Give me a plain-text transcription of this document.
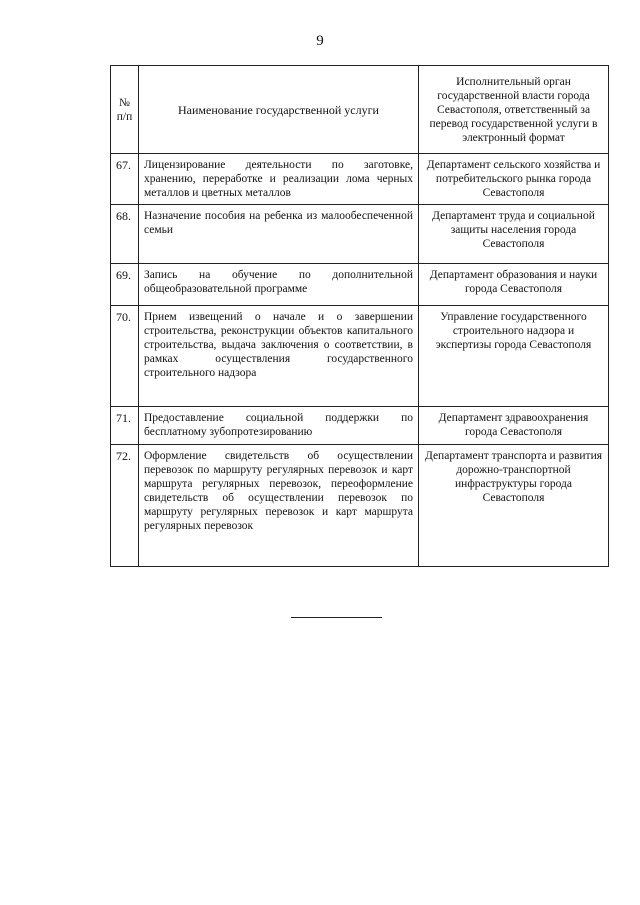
9
№ п/п	Наименование государственной услуги	Исполнительный орган государственной власти города Севастополя, ответственный за перевод государственной услуги в электронный формат
67.	Лицензирование деятельности по заготовке, хранению, переработке и реализации лома черных металлов и цветных металлов	Департамент сельского хозяйства и потребительского рынка города Севастополя
68.	Назначение пособия на ребенка из малообеспеченной семьи	Департамент труда и социальной защиты населения города Севастополя
69.	Запись на обучение по дополнительной общеобразовательной программе	Департамент образования и науки города Севастополя
70.	Прием извещений о начале и о завершении строительства, реконструкции объектов капитального строительства, выдача заключения о соответствии, в рамках осуществления государственного строительного надзора	Управление государственного строительного надзора и экспертизы города Севастополя
71.	Предоставление социальной поддержки по бесплатному зубопротезированию	Департамент здравоохранения города Севастополя
72.	Оформление свидетельств об осуществлении перевозок по маршруту регулярных перевозок и карт маршрута регулярных перевозок, переоформление свидетельств об осуществлении перевозок по маршруту регулярных перевозок и карт маршрута регулярных перевозок	Департамент транспорта и развития дорожно-транспортной инфраструктуры города Севастополя
